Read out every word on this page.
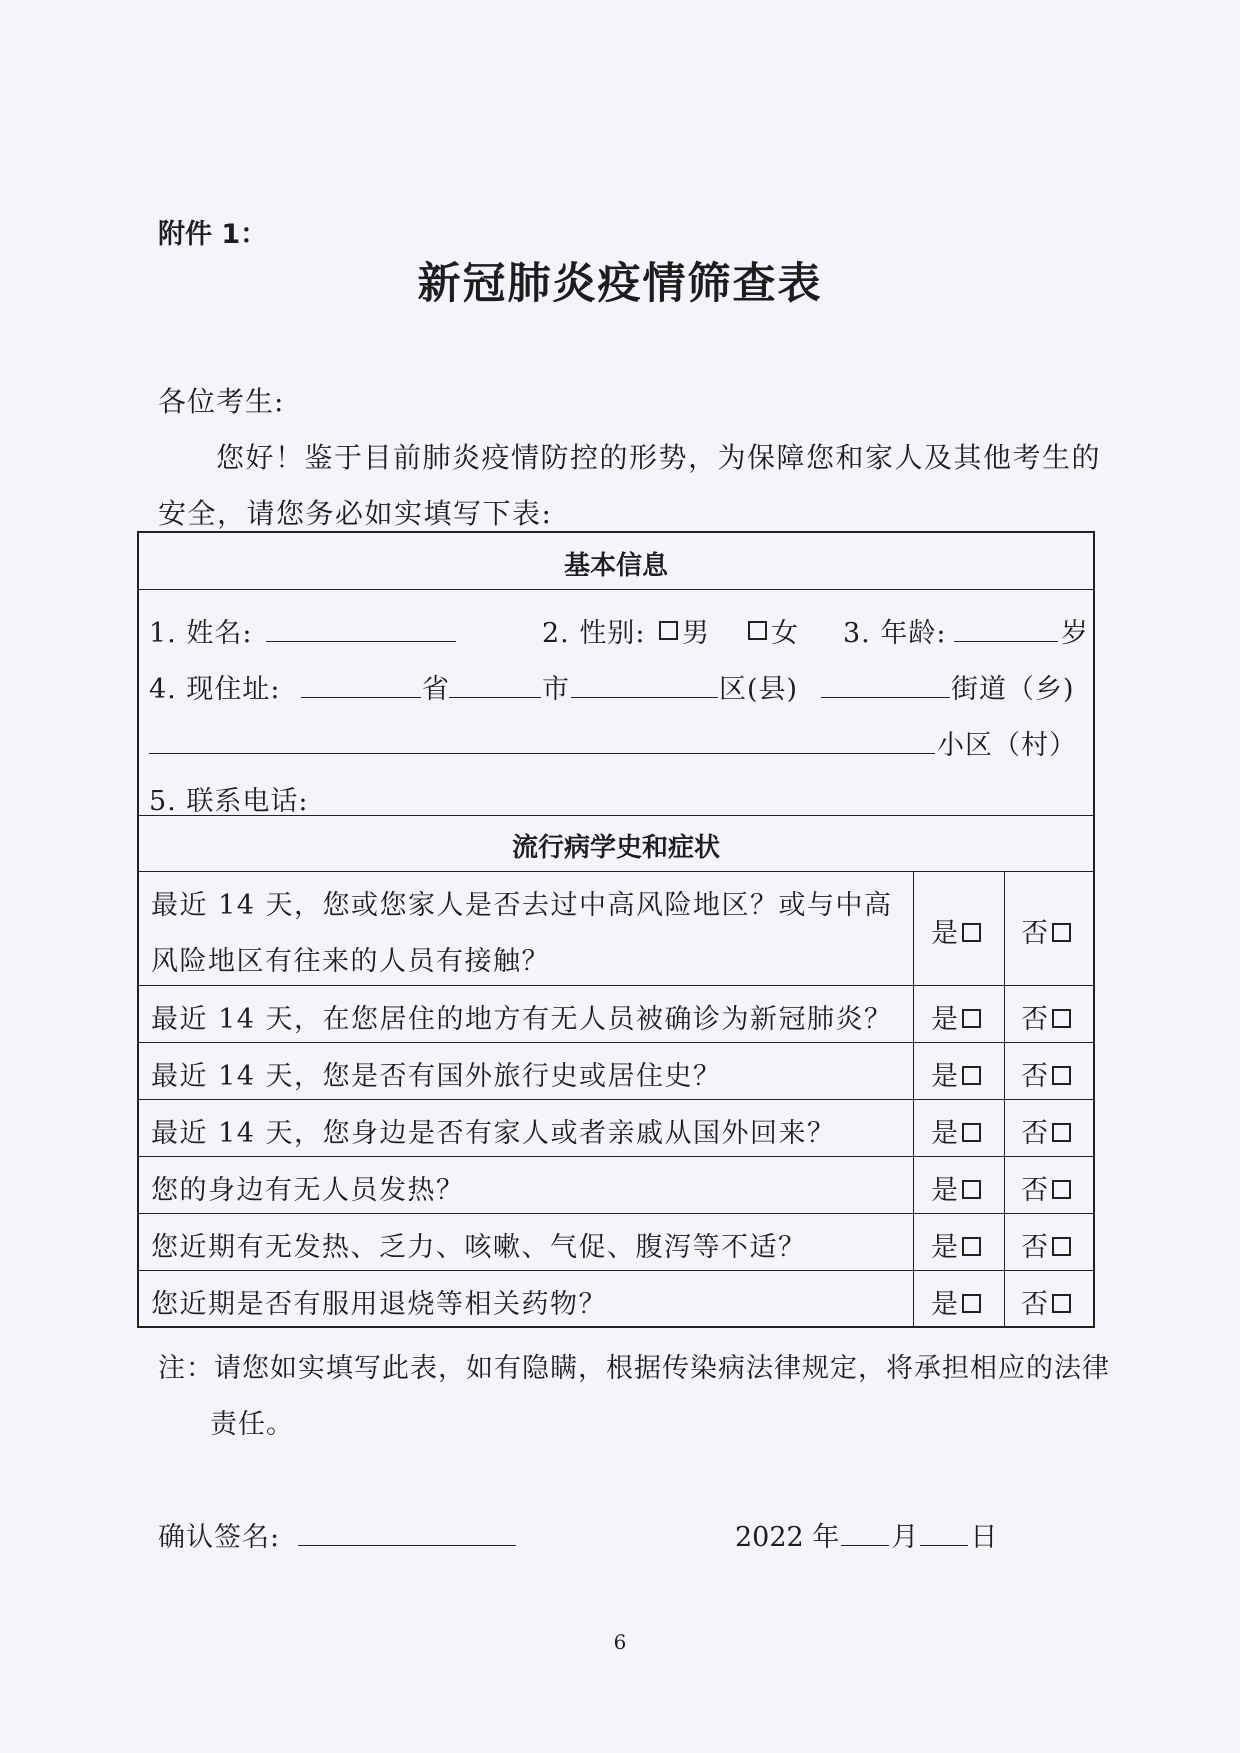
附件 1：
新冠肺炎疫情筛查表
各位考生:
您好！鉴于目前肺炎疫情防控的形势，为保障您和家人及其他考生的
安全，请您务必如实填写下表:
基本信息
1. 姓名:	2. 性别: 男 女 3. 年龄:	岁
4. 现住址:	省	市	区(县)	街道（乡)
小区（村）
5. 联系电话:
流行病学史和症状
最近 14 天，您或您家人是否去过中高风险地区？或与中高
风险地区有往来的人员有接触？
是	否
最近 14 天，在您居住的地方有无人员被确诊为新冠肺炎？ 是	否
最近 14 天，您是否有国外旅行史或居住史？	是	否
最近 14 天，您身边是否有家人或者亲戚从国外回来？	是	否
您的身边有无人员发热？	是	否
您近期有无发热、乏力、咳嗽、气促、腹泻等不适？	是	否
您近期是否有服用退烧等相关药物？	是	否
注：请您如实填写此表，如有隐瞒，根据传染病法律规定，将承担相应的法律
责任。
确认签名:	2022 年 月 日
6
